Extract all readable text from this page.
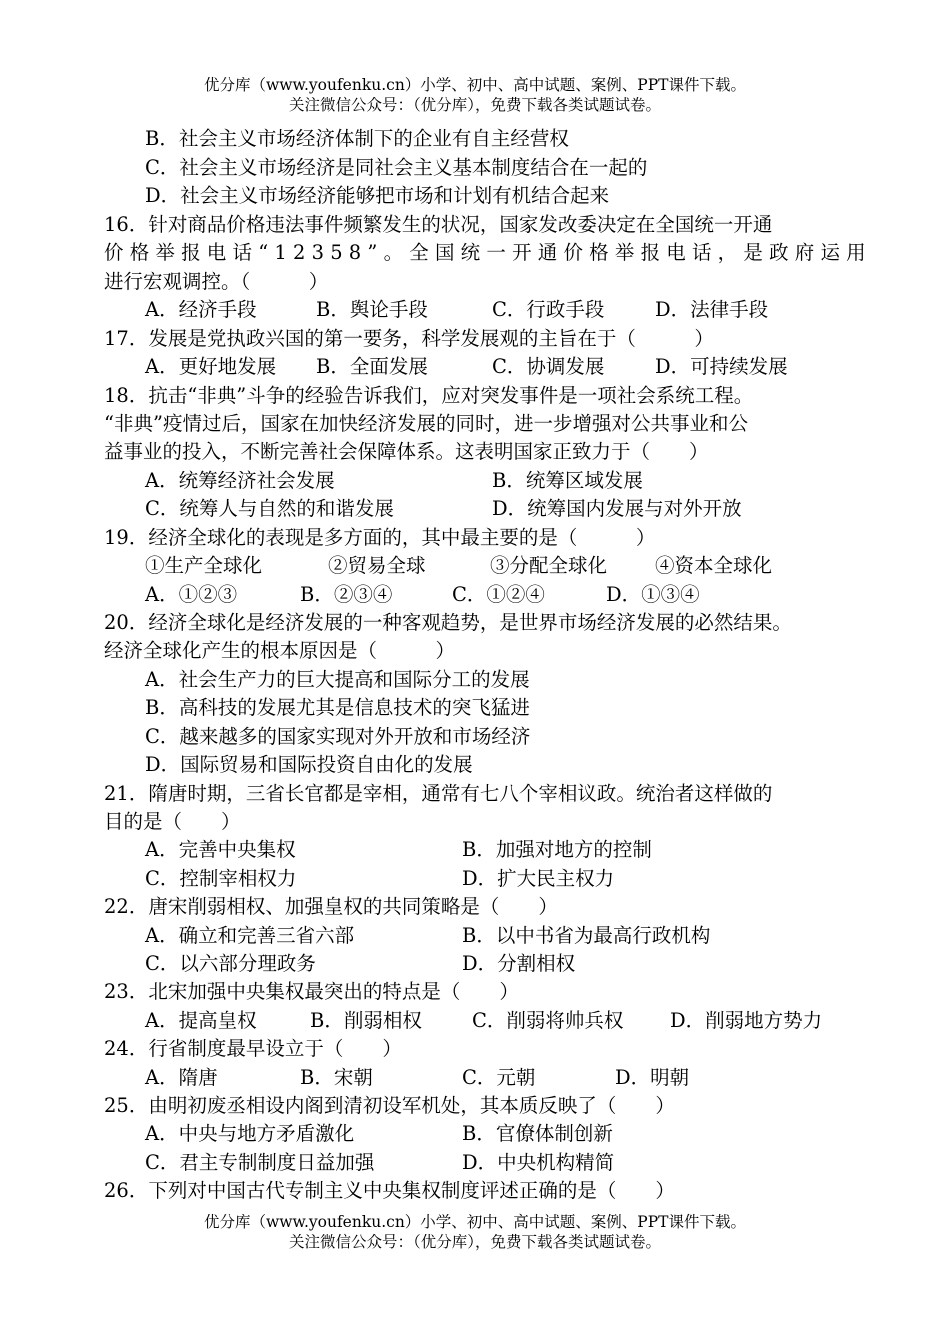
优分库（www.youfenku.cn）小学、初中、高中试题、案例、PPT课件下载。
关注微信公众号：（优分库），免费下载各类试题试卷。
B．社会主义市场经济体制下的企业有自主经营权
C．社会主义市场经济是同社会主义基本制度结合在一起的
D．社会主义市场经济能够把市场和计划有机结合起来
16．针对商品价格违法事件频繁发生的状况，国家发改委决定在全国统一开通
价格举报电话“12358”。全国统一开通价格举报电话，是政府运用
进行宏观调控。（　　　）
A．经济手段	B．舆论手段	C．行政手段	D．法律手段
17．发展是党执政兴国的第一要务，科学发展观的主旨在于（　　　）
A．更好地发展 B．全面发展	C．协调发展	D．可持续发展
18．抗击“非典”斗争的经验告诉我们，应对突发事件是一项社会系统工程。
“非典”疫情过后，国家在加快经济发展的同时，进一步增强对公共事业和公
益事业的投入，不断完善社会保障体系。这表明国家正致力于（　　）
A．统筹经济社会发展	B．统筹区域发展
C．统筹人与自然的和谐发展	D．统筹国内发展与对外开放
19．经济全球化的表现是多方面的，其中最主要的是（　　　）
①生产全球化	②贸易全球	③分配全球化 ④资本全球化
A．①②③	B．②③④	C．①②④	D．①③④
20．经济全球化是经济发展的一种客观趋势，是世界市场经济发展的必然结果。
经济全球化产生的根本原因是（　　　）
A．社会生产力的巨大提高和国际分工的发展
B．高科技的发展尤其是信息技术的突飞猛进
C．越来越多的国家实现对外开放和市场经济
D．国际贸易和国际投资自由化的发展
21．隋唐时期，三省长官都是宰相，通常有七八个宰相议政。统治者这样做的
目的是（　　）
A．完善中央集权	B．加强对地方的控制
C．控制宰相权力	D．扩大民主权力
22．唐宋削弱相权、加强皇权的共同策略是（　　）
A．确立和完善三省六部	B．以中书省为最高行政机构
C．以六部分理政务	D．分割相权
23．北宋加强中央集权最突出的特点是（　　）
A．提高皇权	B．削弱相权	C．削弱将帅兵权 D．削弱地方势力
24．行省制度最早设立于（　　）
A．隋唐	B．宋朝	C．元朝	D．明朝
25．由明初废丞相设内阁到清初设军机处，其本质反映了（　　）
A．中央与地方矛盾激化	B．官僚体制创新
C．君主专制制度日益加强	D．中央机构精简
26．下列对中国古代专制主义中央集权制度评述正确的是（　　）
优分库（www.youfenku.cn）小学、初中、高中试题、案例、PPT课件下载。
关注微信公众号：（优分库），免费下载各类试题试卷。
